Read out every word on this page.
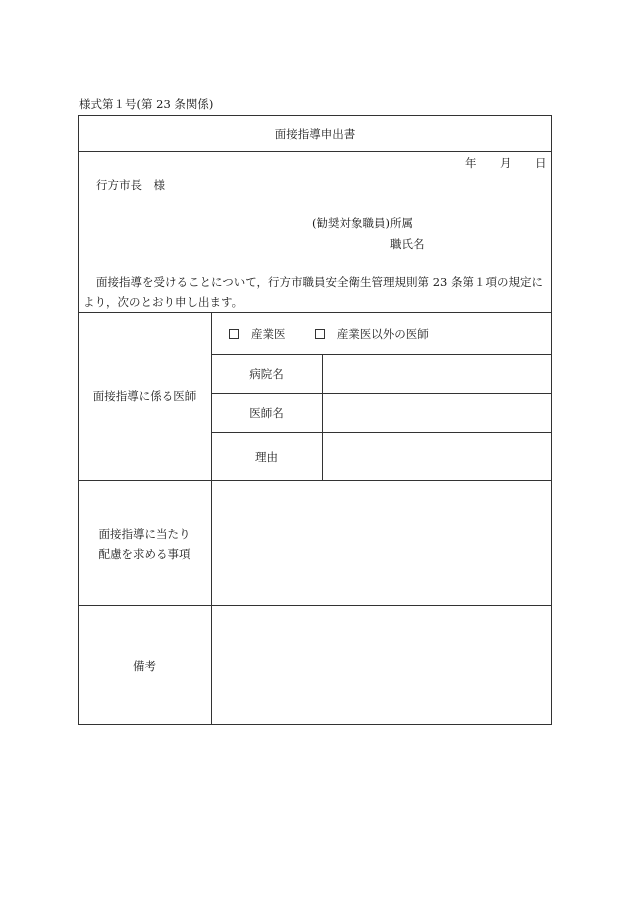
様式第１号(第 23 条関係)
面接指導申出書
年 月 日
行方市長　様
(勧奨対象職員)所属
職氏名
面接指導を受けることについて，行方市職員安全衛生管理規則第 23 条第１項の規定に
より，次のとおり申し出ます。
面接指導に係る医師
産業医	産業医以外の医師
病院名
医師名
理由
面接指導に当たり
配慮を求める事項
備考
